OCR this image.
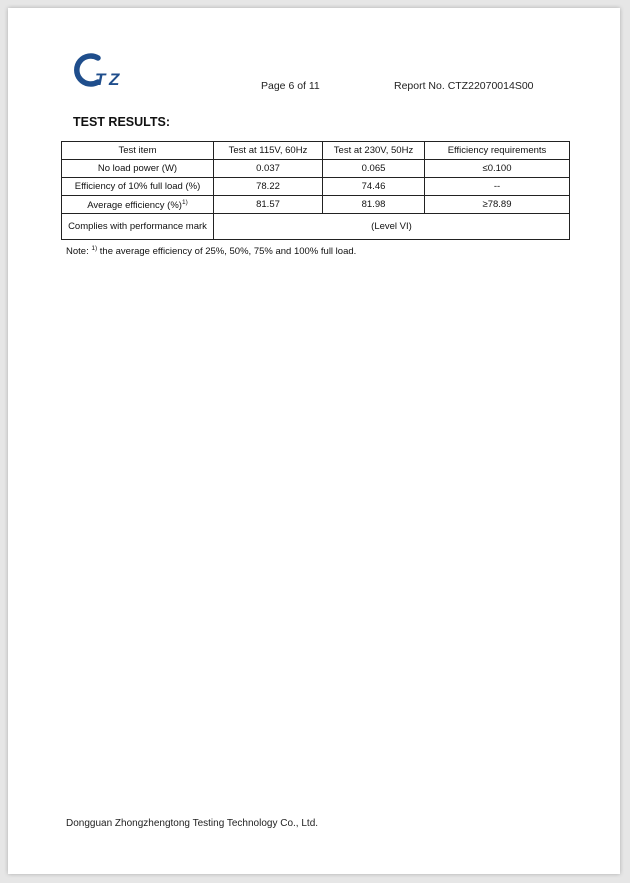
T Z	Page 6 of 11	Report No. CTZ22070014S00
TEST RESULTS:
Test item	Test at 115V, 60Hz	Test at 230V, 50Hz	Efficiency requirements
No load power (W)	0.037	0.065	≤0.100
Efficiency of 10% full load (%)	78.22	74.46	--
Average efficiency (%)$^{1)}$	81.57	81.98	≥78.89
Complies with performance mark	(Level VI)		
Note: $^{1)}$ the average efficiency of 25%, 50%, 75% and 100% full load.
Dongguan Zhongzhengtong Testing Technology Co., Ltd.
